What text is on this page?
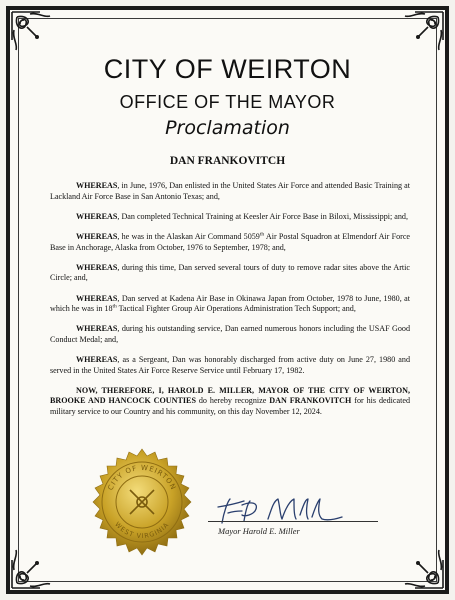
CITY OF WEIRTON
OFFICE OF THE MAYOR
Proclamation
DAN FRANKOVITCH

WHEREAS, in June, 1976, Dan enlisted in the United States Air Force and attended Basic Training at Lackland Air Force Base in San Antonio Texas; and,

WHEREAS, Dan completed Technical Training at Keesler Air Force Base in Biloxi, Mississippi; and,

WHEREAS, he was in the Alaskan Air Command 5059th Air Postal Squadron at Elmendorf Air Force Base in Anchorage, Alaska from October, 1976 to September, 1978; and,

WHEREAS, during this time, Dan served several tours of duty to remove radar sites above the Artic Circle; and,

WHEREAS, Dan served at Kadena Air Base in Okinawa Japan from October, 1978 to June, 1980, at which he was in 18th Tactical Fighter Group Air Operations Administration Tech Support; and,

WHEREAS, during his outstanding service, Dan earned numerous honors including the USAF Good Conduct Medal; and,

WHEREAS, as a Sergeant, Dan was honorably discharged from active duty on June 27, 1980 and served in the United States Air Force Reserve Service until February 17, 1982.

NOW, THEREFORE, I, HAROLD E. MILLER, MAYOR OF THE CITY OF WEIRTON, BROOKE AND HANCOCK COUNTIES do hereby recognize DAN FRANKOVITCH for his dedicated military service to our Country and his community, on this day November 12, 2024.

CITY OF WEIRTON
WEST VIRGINIA
Mayor Harold E. Miller
